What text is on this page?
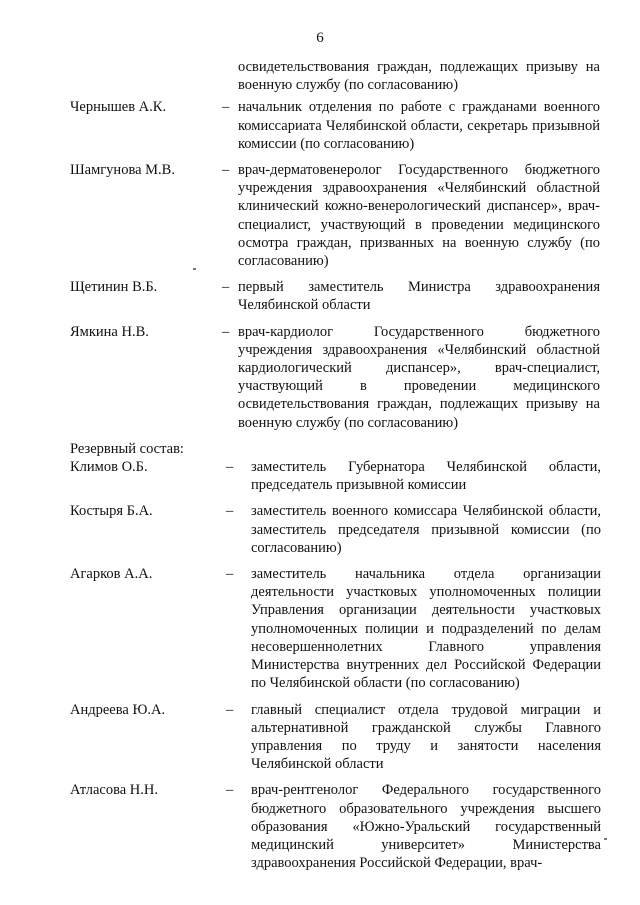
6
освидетельствования граждан, подлежащих призыву на военную службу (по согласованию)
Чернышев А.К.	– начальник отделения по работе с гражданами военного комиссариата Челябинской области, секретарь призывной комиссии (по согласованию)
Шамгунова М.В.	– врач-дерматовенеролог Государственного бюджетного учреждения здравоохранения «Челябинский областной клинический кожно-венерологический диспансер», врач-специалист, участвующий в проведении медицинского осмотра граждан, призванных на военную службу (по согласованию)
Щетинин В.Б.	– первый заместитель Министра здравоохранения Челябинской области
Ямкина Н.В.	– врач-кардиолог Государственного бюджетного учреждения здравоохранения «Челябинский областной кардиологический диспансер», врач-специалист, участвующий в проведении медицинского освидетельствования граждан, подлежащих призыву на военную службу (по согласованию)
Резервный состав:
Климов О.Б.	– заместитель Губернатора Челябинской области, председатель призывной комиссии
Костыря Б.А.	– заместитель военного комиссара Челябинской области, заместитель председателя призывной комиссии (по согласованию)
Агарков А.А.	– заместитель начальника отдела организации деятельности участковых уполномоченных полиции Управления организации деятельности участковых уполномоченных полиции и подразделений по делам несовершеннолетних Главного управления Министерства внутренних дел Российской Федерации по Челябинской области (по согласованию)
Андреева Ю.А.	– главный специалист отдела трудовой миграции и альтернативной гражданской службы Главного управления по труду и занятости населения Челябинской области
Атласова Н.Н.	– врач-рентгенолог Федерального государственного бюджетного образовательного учреждения высшего образования «Южно-Уральский государственный медицинский университет» Министерства здравоохранения Российской Федерации, врач-
